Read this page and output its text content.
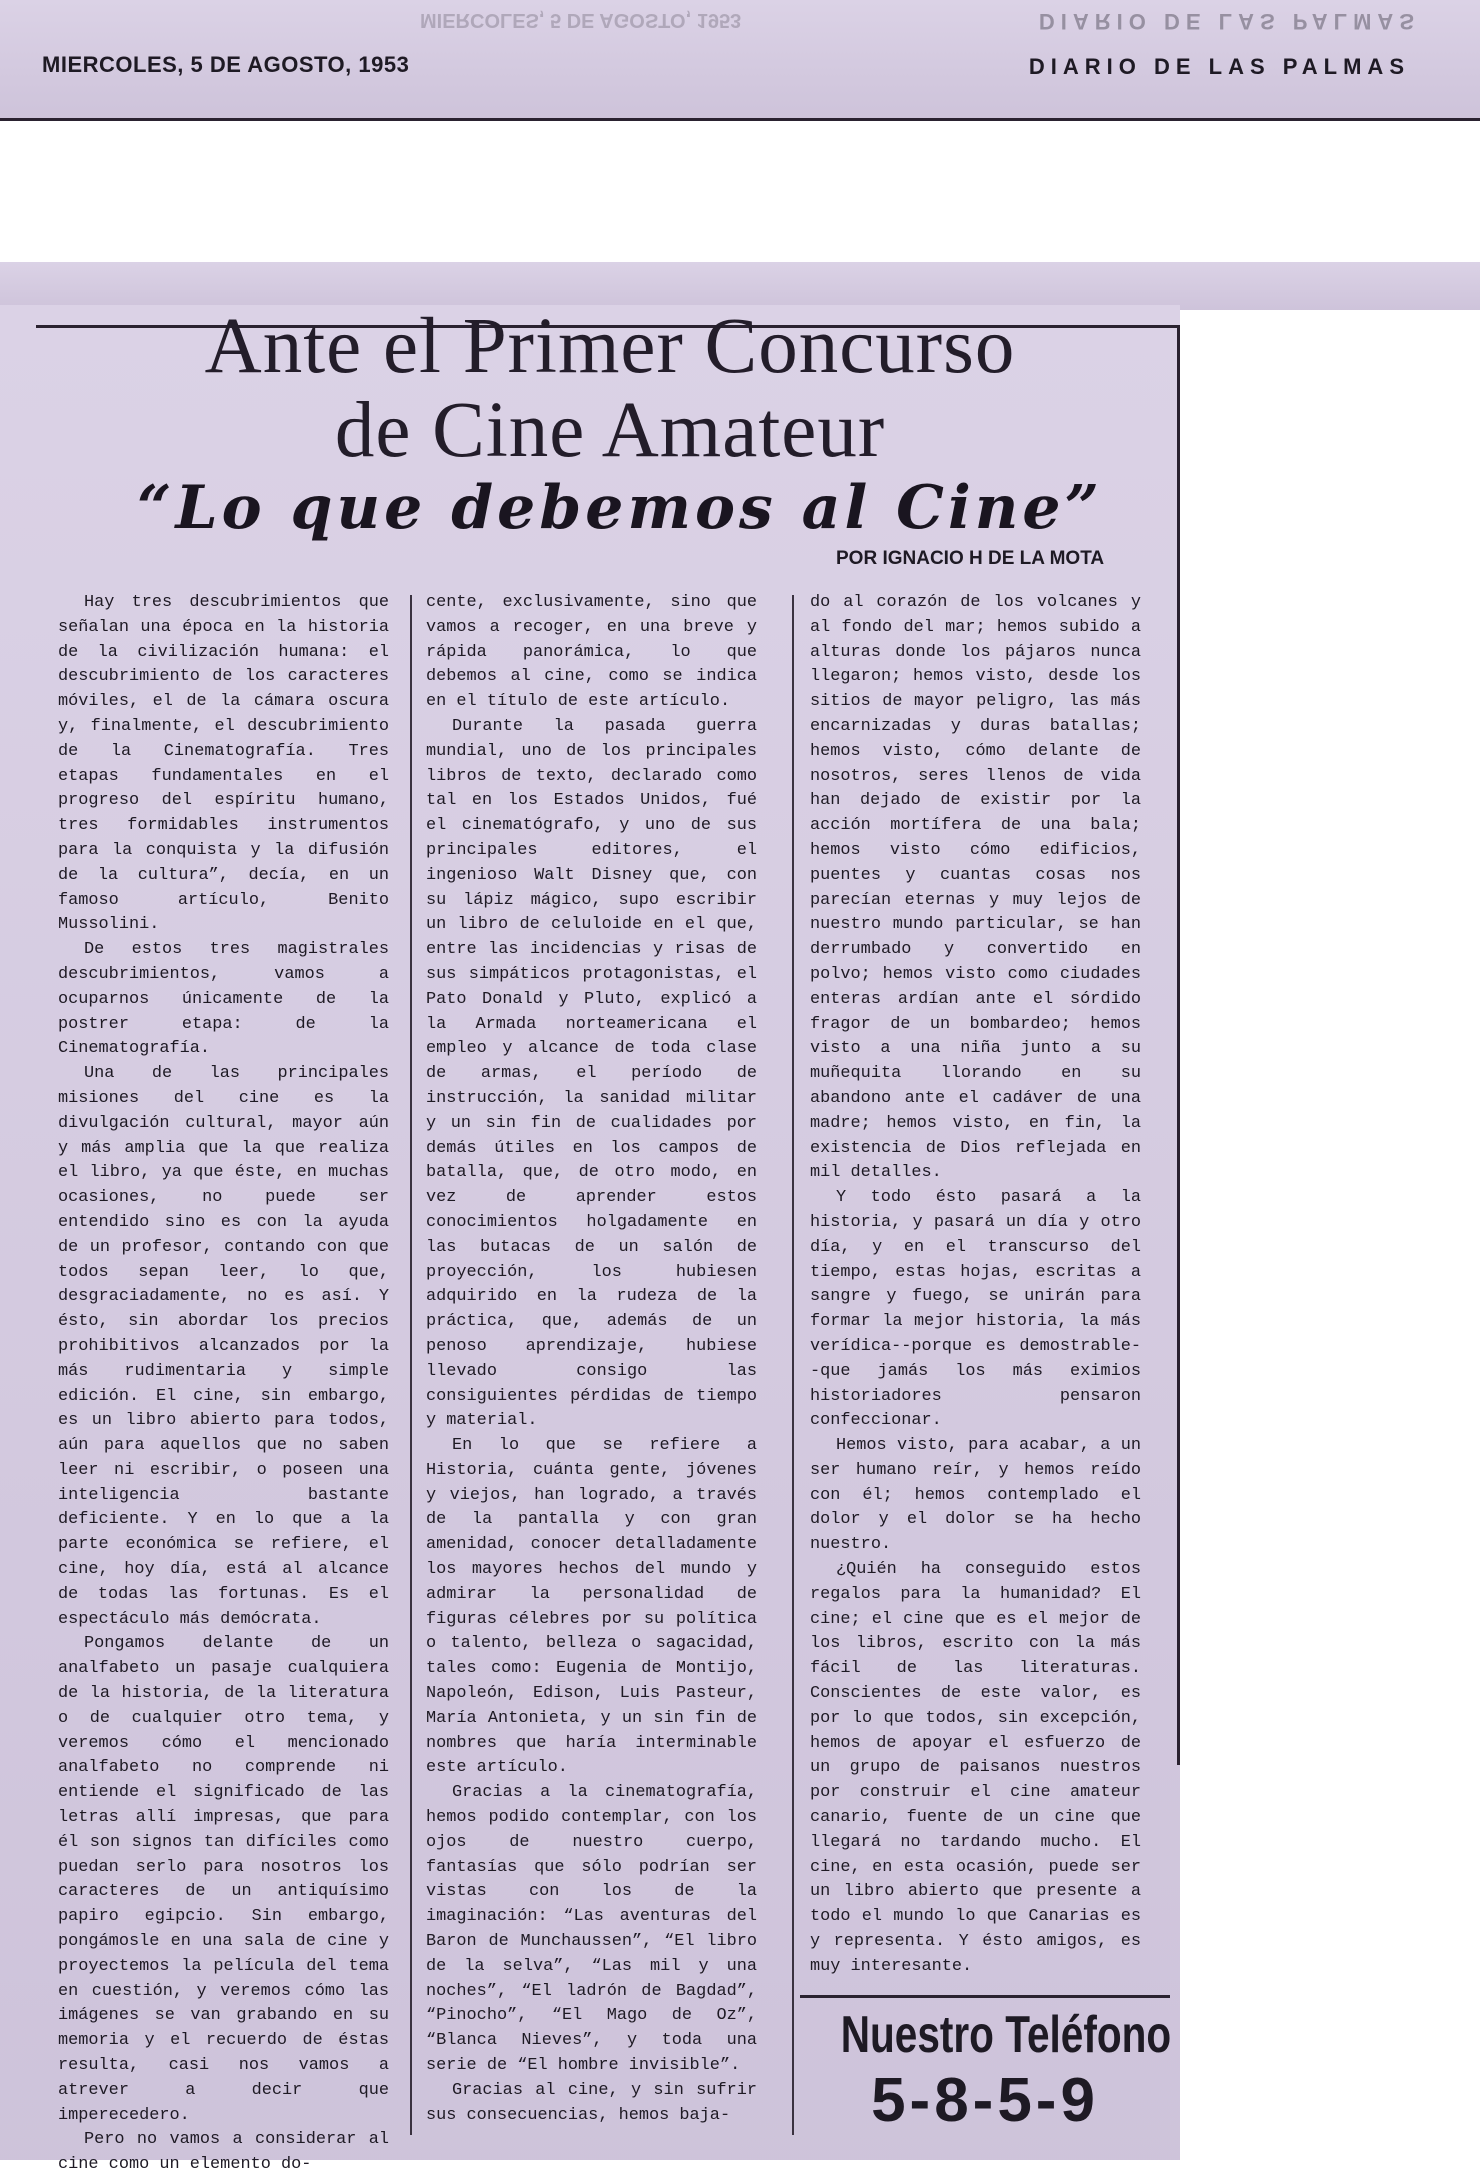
DIARIO DE LAS PALMAS
MIERCOLES, 5 DE AGOSTO, 1953
MIERCOLES, 5 DE AGOSTO, 1953	DIARIO DE LAS PALMAS
Ante el Primer Concurso
de Cine Amateur
“Lo que debemos al Cine”
POR IGNACIO H DE LA MOTA

Hay tres descubrimientos que señalan una época en la historia de la civilización humana: el descubrimiento de los caracteres móviles, el de la cámara oscura y, finalmente, el descubrimiento de la Cinematografía. Tres etapas fundamentales en el progreso del espíritu humano, tres formidables instrumentos para la conquista y la difusión de la cultura”, decía, en un famoso artículo, Benito Mussolini.

De estos tres magistrales descubrimientos, vamos a ocuparnos únicamente de la postrer etapa: de la Cinematografía.

Una de las principales misiones del cine es la divulgación cultural, mayor aún y más amplia que la que realiza el libro, ya que éste, en muchas ocasiones, no puede ser entendido sino es con la ayuda de un profesor, contando con que todos sepan leer, lo que, desgraciadamente, no es así. Y ésto, sin abordar los precios prohibitivos alcanzados por la más rudimentaria y simple edición. El cine, sin embargo, es un libro abierto para todos, aún para aquellos que no saben leer ni escribir, o poseen una inteligencia bastante deficiente. Y en lo que a la parte económica se refiere, el cine, hoy día, está al alcance de todas las fortunas. Es el espectáculo más demócrata.

Pongamos delante de un analfabeto un pasaje cualquiera de la historia, de la literatura o de cualquier otro tema, y veremos cómo el mencionado analfabeto no comprende ni entiende el significado de las letras allí impresas, que para él son signos tan difíciles como puedan serlo para nosotros los caracteres de un antiquísimo papiro egipcio. Sin embargo, pongámosle en una sala de cine y proyectemos la película del tema en cuestión, y veremos cómo las imágenes se van grabando en su memoria y el recuerdo de éstas resulta, casi nos vamos a atrever a decir que imperecedero.

Pero no vamos a considerar al cine como un elemento do-

cente, exclusivamente, sino que vamos a recoger, en una breve y rápida panorámica, lo que debemos al cine, como se indica en el título de este artículo.

Durante la pasada guerra mundial, uno de los principales libros de texto, declarado como tal en los Estados Unidos, fué el cinematógrafo, y uno de sus principales editores, el ingenioso Walt Disney que, con su lápiz mágico, supo escribir un libro de celuloide en el que, entre las incidencias y risas de sus simpáticos protagonistas, el Pato Donald y Pluto, explicó a la Armada norteamericana el empleo y alcance de toda clase de armas, el período de instrucción, la sanidad militar y un sin fin de cualidades por demás útiles en los campos de batalla, que, de otro modo, en vez de aprender estos conocimientos holgadamente en las butacas de un salón de proyección, los hubiesen adquirido en la rudeza de la práctica, que, además de un penoso aprendizaje, hubiese llevado consigo las consiguientes pérdidas de tiempo y material.

En lo que se refiere a Historia, cuánta gente, jóvenes y viejos, han logrado, a través de la pantalla y con gran amenidad, conocer detalladamente los mayores hechos del mundo y admirar la personalidad de figuras célebres por su política o talento, belleza o sagacidad, tales como: Eugenia de Montijo, Napoleón, Edison, Luis Pasteur, María Antonieta, y un sin fin de nombres que haría interminable este artículo.

Gracias a la cinematografía, hemos podido contemplar, con los ojos de nuestro cuerpo, fantasías que sólo podrían ser vistas con los de la imaginación: “Las aventuras del Baron de Munchaussen”, “El libro de la selva”, “Las mil y una noches”, “El ladrón de Bagdad”, “Pinocho”, “El Mago de Oz”, “Blanca Nieves”, y toda una serie de “El hombre invisible”.

Gracias al cine, y sin sufrir sus consecuencias, hemos baja-

do al corazón de los volcanes y al fondo del mar; hemos subido a alturas donde los pájaros nunca llegaron; hemos visto, desde los sitios de mayor peligro, las más encarnizadas y duras batallas; hemos visto, cómo delante de nosotros, seres llenos de vida han dejado de existir por la acción mortífera de una bala; hemos visto cómo edificios, puentes y cuantas cosas nos parecían eternas y muy lejos de nuestro mundo particular, se han derrumbado y convertido en polvo; hemos visto como ciudades enteras ardían ante el sórdido fragor de un bombardeo; hemos visto a una niña junto a su muñequita llorando en su abandono ante el cadáver de una madre; hemos visto, en fin, la existencia de Dios reflejada en mil detalles.

Y todo ésto pasará a la historia, y pasará un día y otro día, y en el transcurso del tiempo, estas hojas, escritas a sangre y fuego, se unirán para formar la mejor historia, la más verídica--porque es demostrable--que jamás los más eximios historiadores pensaron confeccionar.

Hemos visto, para acabar, a un ser humano reír, y hemos reído con él; hemos contemplado el dolor y el dolor se ha hecho nuestro.

¿Quién ha conseguido estos regalos para la humanidad? El cine; el cine que es el mejor de los libros, escrito con la más fácil de las literaturas. Conscientes de este valor, es por lo que todos, sin excepción, hemos de apoyar el esfuerzo de un grupo de paisanos nuestros por construir el cine amateur canario, fuente de un cine que llegará no tardando mucho. El cine, en esta ocasión, puede ser un libro abierto que presente a todo el mundo lo que Canarias es y representa. Y ésto amigos, es muy interesante.

Nuestro Teléfono
5-8-5-9
